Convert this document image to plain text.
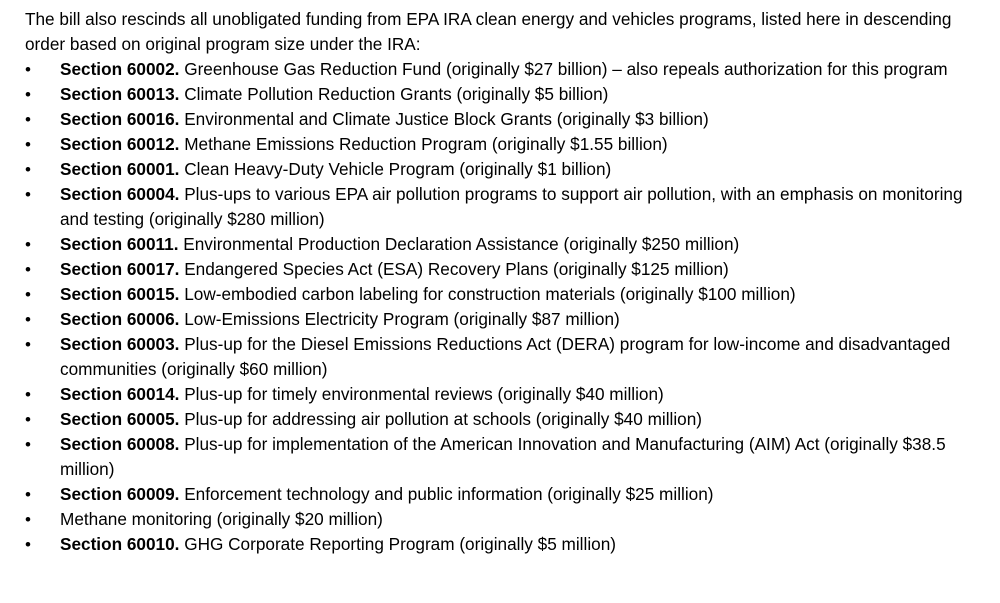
The bill also rescinds all unobligated funding from EPA IRA clean energy and vehicles programs, listed here in descending order based on original program size under the IRA:

•
Section 60002. Greenhouse Gas Reduction Fund (originally $27 billion) – also repeals authorization for this program
•
Section 60013. Climate Pollution Reduction Grants (originally $5 billion)
•
Section 60016. Environmental and Climate Justice Block Grants (originally $3 billion)
•
Section 60012. Methane Emissions Reduction Program (originally $1.55 billion)
•
Section 60001. Clean Heavy-Duty Vehicle Program (originally $1 billion)
•
Section 60004. Plus-ups to various EPA air pollution programs to support air pollution, with an emphasis on monitoring and testing (originally $280 million)
•
Section 60011. Environmental Production Declaration Assistance (originally $250 million)
•
Section 60017. Endangered Species Act (ESA) Recovery Plans (originally $125 million)
•
Section 60015. Low-embodied carbon labeling for construction materials (originally $100 million)
•
Section 60006. Low-Emissions Electricity Program (originally $87 million)
•
Section 60003. Plus-up for the Diesel Emissions Reductions Act (DERA) program for low-income and disadvantaged communities (originally $60 million)
•
Section 60014. Plus-up for timely environmental reviews (originally $40 million)
•
Section 60005. Plus-up for addressing air pollution at schools (originally $40 million)
•
Section 60008. Plus-up for implementation of the American Innovation and Manufacturing (AIM) Act (originally $38.5 million)
•
Section 60009. Enforcement technology and public information (originally $25 million)
•
Methane monitoring (originally $20 million)
•
Section 60010. GHG Corporate Reporting Program (originally $5 million)
